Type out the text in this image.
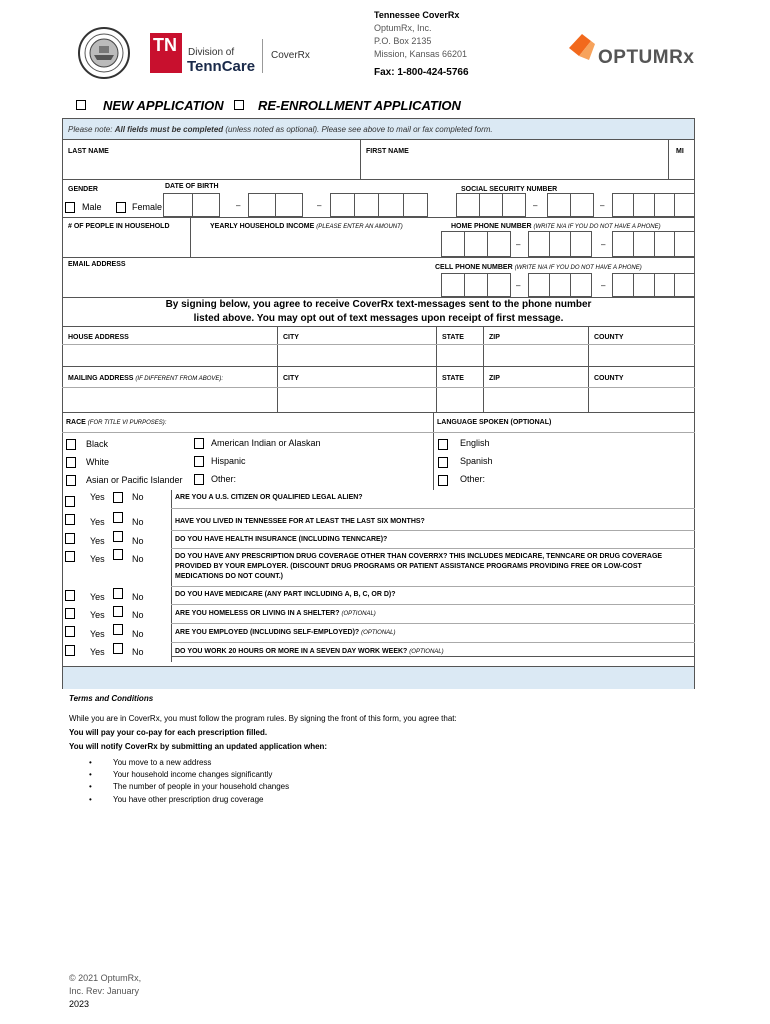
TN Division of
TennCare
CoverRx
Tennessee CoverRx
OptumRx, Inc.
P.O. Box 2135
Mission, Kansas 66201
Fax: 1-800-424-5766
OPTUMRx
NEW APPLICATION	RE-ENROLLMENT APPLICATION
Please note: All fields must be completed (unless noted as optional). Please see above to mail or fax completed form.
LAST NAME	FIRST NAME	MI
GENDER
Male	Female
DATE OF BIRTH
–	–
SOCIAL SECURITY NUMBER
–	–
# OF PEOPLE IN HOUSEHOLD	YEARLY HOUSEHOLD INCOME (PLEASE ENTER AN AMOUNT)	HOME PHONE NUMBER (WRITE N/A IF YOU DO NOT HAVE A PHONE)
–	–
EMAIL ADDRESS	CELL PHONE NUMBER (WRITE N/A IF YOU DO NOT HAVE A PHONE)
–	–
By signing below, you agree to receive CoverRx text-messages sent to the phone number
listed above. You may opt out of text messages upon receipt of first message.
HOUSE ADDRESS	CITY	STATE	ZIP	COUNTY
MAILING ADDRESS (IF DIFFERENT FROM ABOVE):	CITY	STATE	ZIP	COUNTY
RACE (FOR TITLE VI PURPOSES):	LANGUAGE SPOKEN (OPTIONAL)
Black
White
Asian or Pacific Islander
American Indian or Alaskan
Hispanic
Other:
English
Spanish
Other:
Yes	No	ARE YOU A U.S. CITIZEN OR QUALIFIED LEGAL ALIEN?
Yes	No	HAVE YOU LIVED IN TENNESSEE FOR AT LEAST THE LAST SIX MONTHS?
Yes	No	DO YOU HAVE HEALTH INSURANCE (INCLUDING TENNCARE)?
Yes	No	DO YOU HAVE ANY PRESCRIPTION DRUG COVERAGE OTHER THAN COVERRX? THIS INCLUDES MEDICARE, TENNCARE OR DRUG COVERAGE PROVIDED BY YOUR EMPLOYER. (DISCOUNT DRUG PROGRAMS OR PATIENT ASSISTANCE PROGRAMS PROVIDING FREE OR LOW-COST MEDICATIONS DO NOT COUNT.)
Yes	No	DO YOU HAVE MEDICARE (ANY PART INCLUDING A, B, C, OR D)?
Yes	No	ARE YOU HOMELESS OR LIVING IN A SHELTER? (OPTIONAL)
Yes	No	ARE YOU EMPLOYED (INCLUDING SELF-EMPLOYED)? (OPTIONAL)
Yes	No	DO YOU WORK 20 HOURS OR MORE IN A SEVEN DAY WORK WEEK? (OPTIONAL)
Terms and Conditions
While you are in CoverRx, you must follow the program rules. By signing the front of this form, you agree that:
You will pay your co-pay for each prescription filled.
You will notify CoverRx by submitting an updated application when:
•	You move to a new address
•	Your household income changes significantly
•	The number of people in your household changes
•	You have other prescription drug coverage
© 2021 OptumRx,
Inc. Rev: January
2023
